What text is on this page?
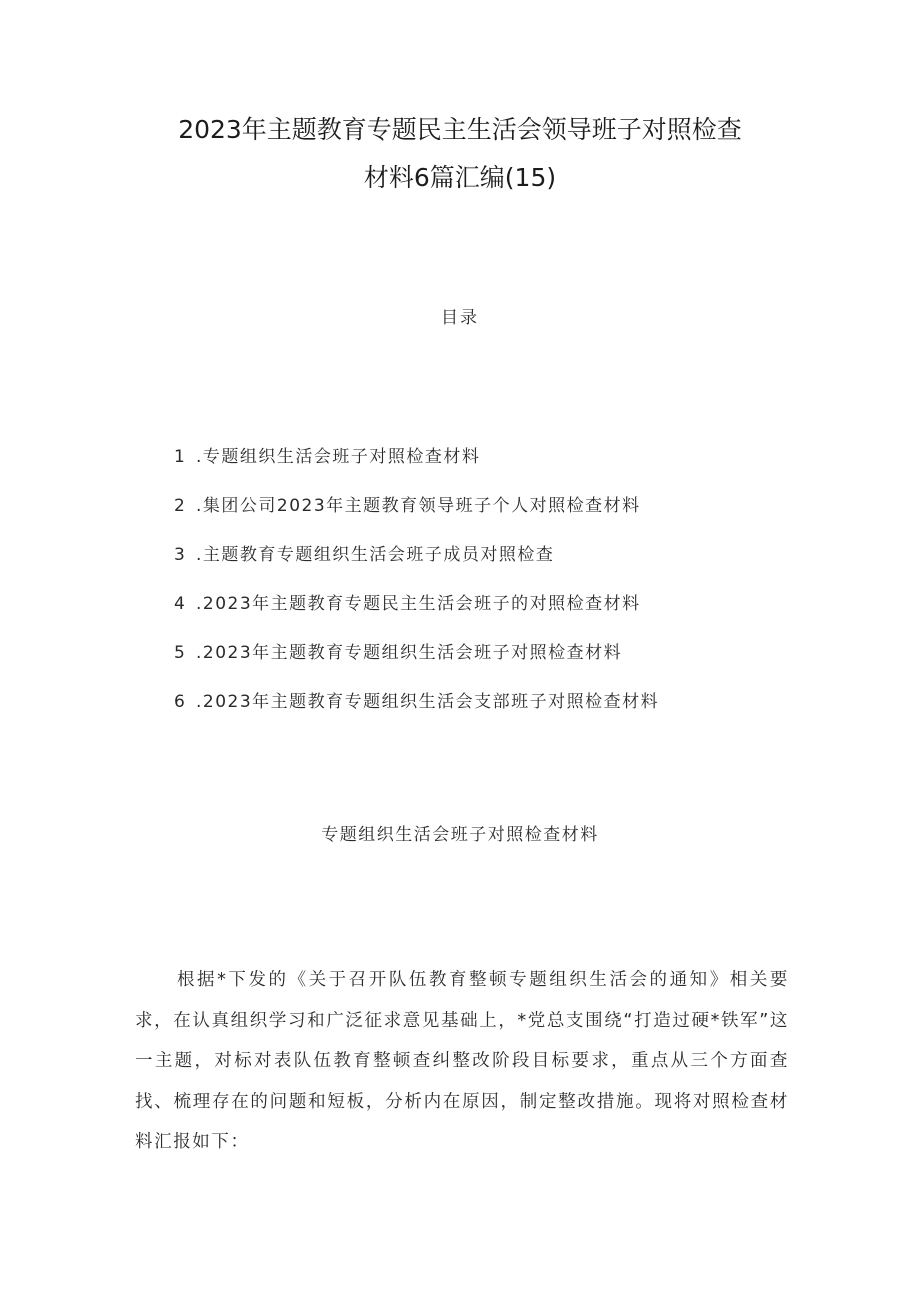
2023年主题教育专题民主生活会领导班子对照检查
材料6篇汇编(15)
目录
1 .专题组织生活会班子对照检查材料
2 .集团公司2023年主题教育领导班子个人对照检查材料
3 .主题教育专题组织生活会班子成员对照检查
4 .2023年主题教育专题民主生活会班子的对照检查材料
5 .2023年主题教育专题组织生活会班子对照检查材料
6 .2023年主题教育专题组织生活会支部班子对照检查材料
专题组织生活会班子对照检查材料

根据*下发的《关于召开队伍教育整顿专题组织生活会的通知》相关要求，在认真组织学习和广泛征求意见基础上，*党总支围绕“打造过硬*铁军”这一主题，对标对表队伍教育整顿查纠整改阶段目标要求，重点从三个方面查找、梳理存在的问题和短板，分析内在原因，制定整改措施。现将对照检查材料汇报如下：
